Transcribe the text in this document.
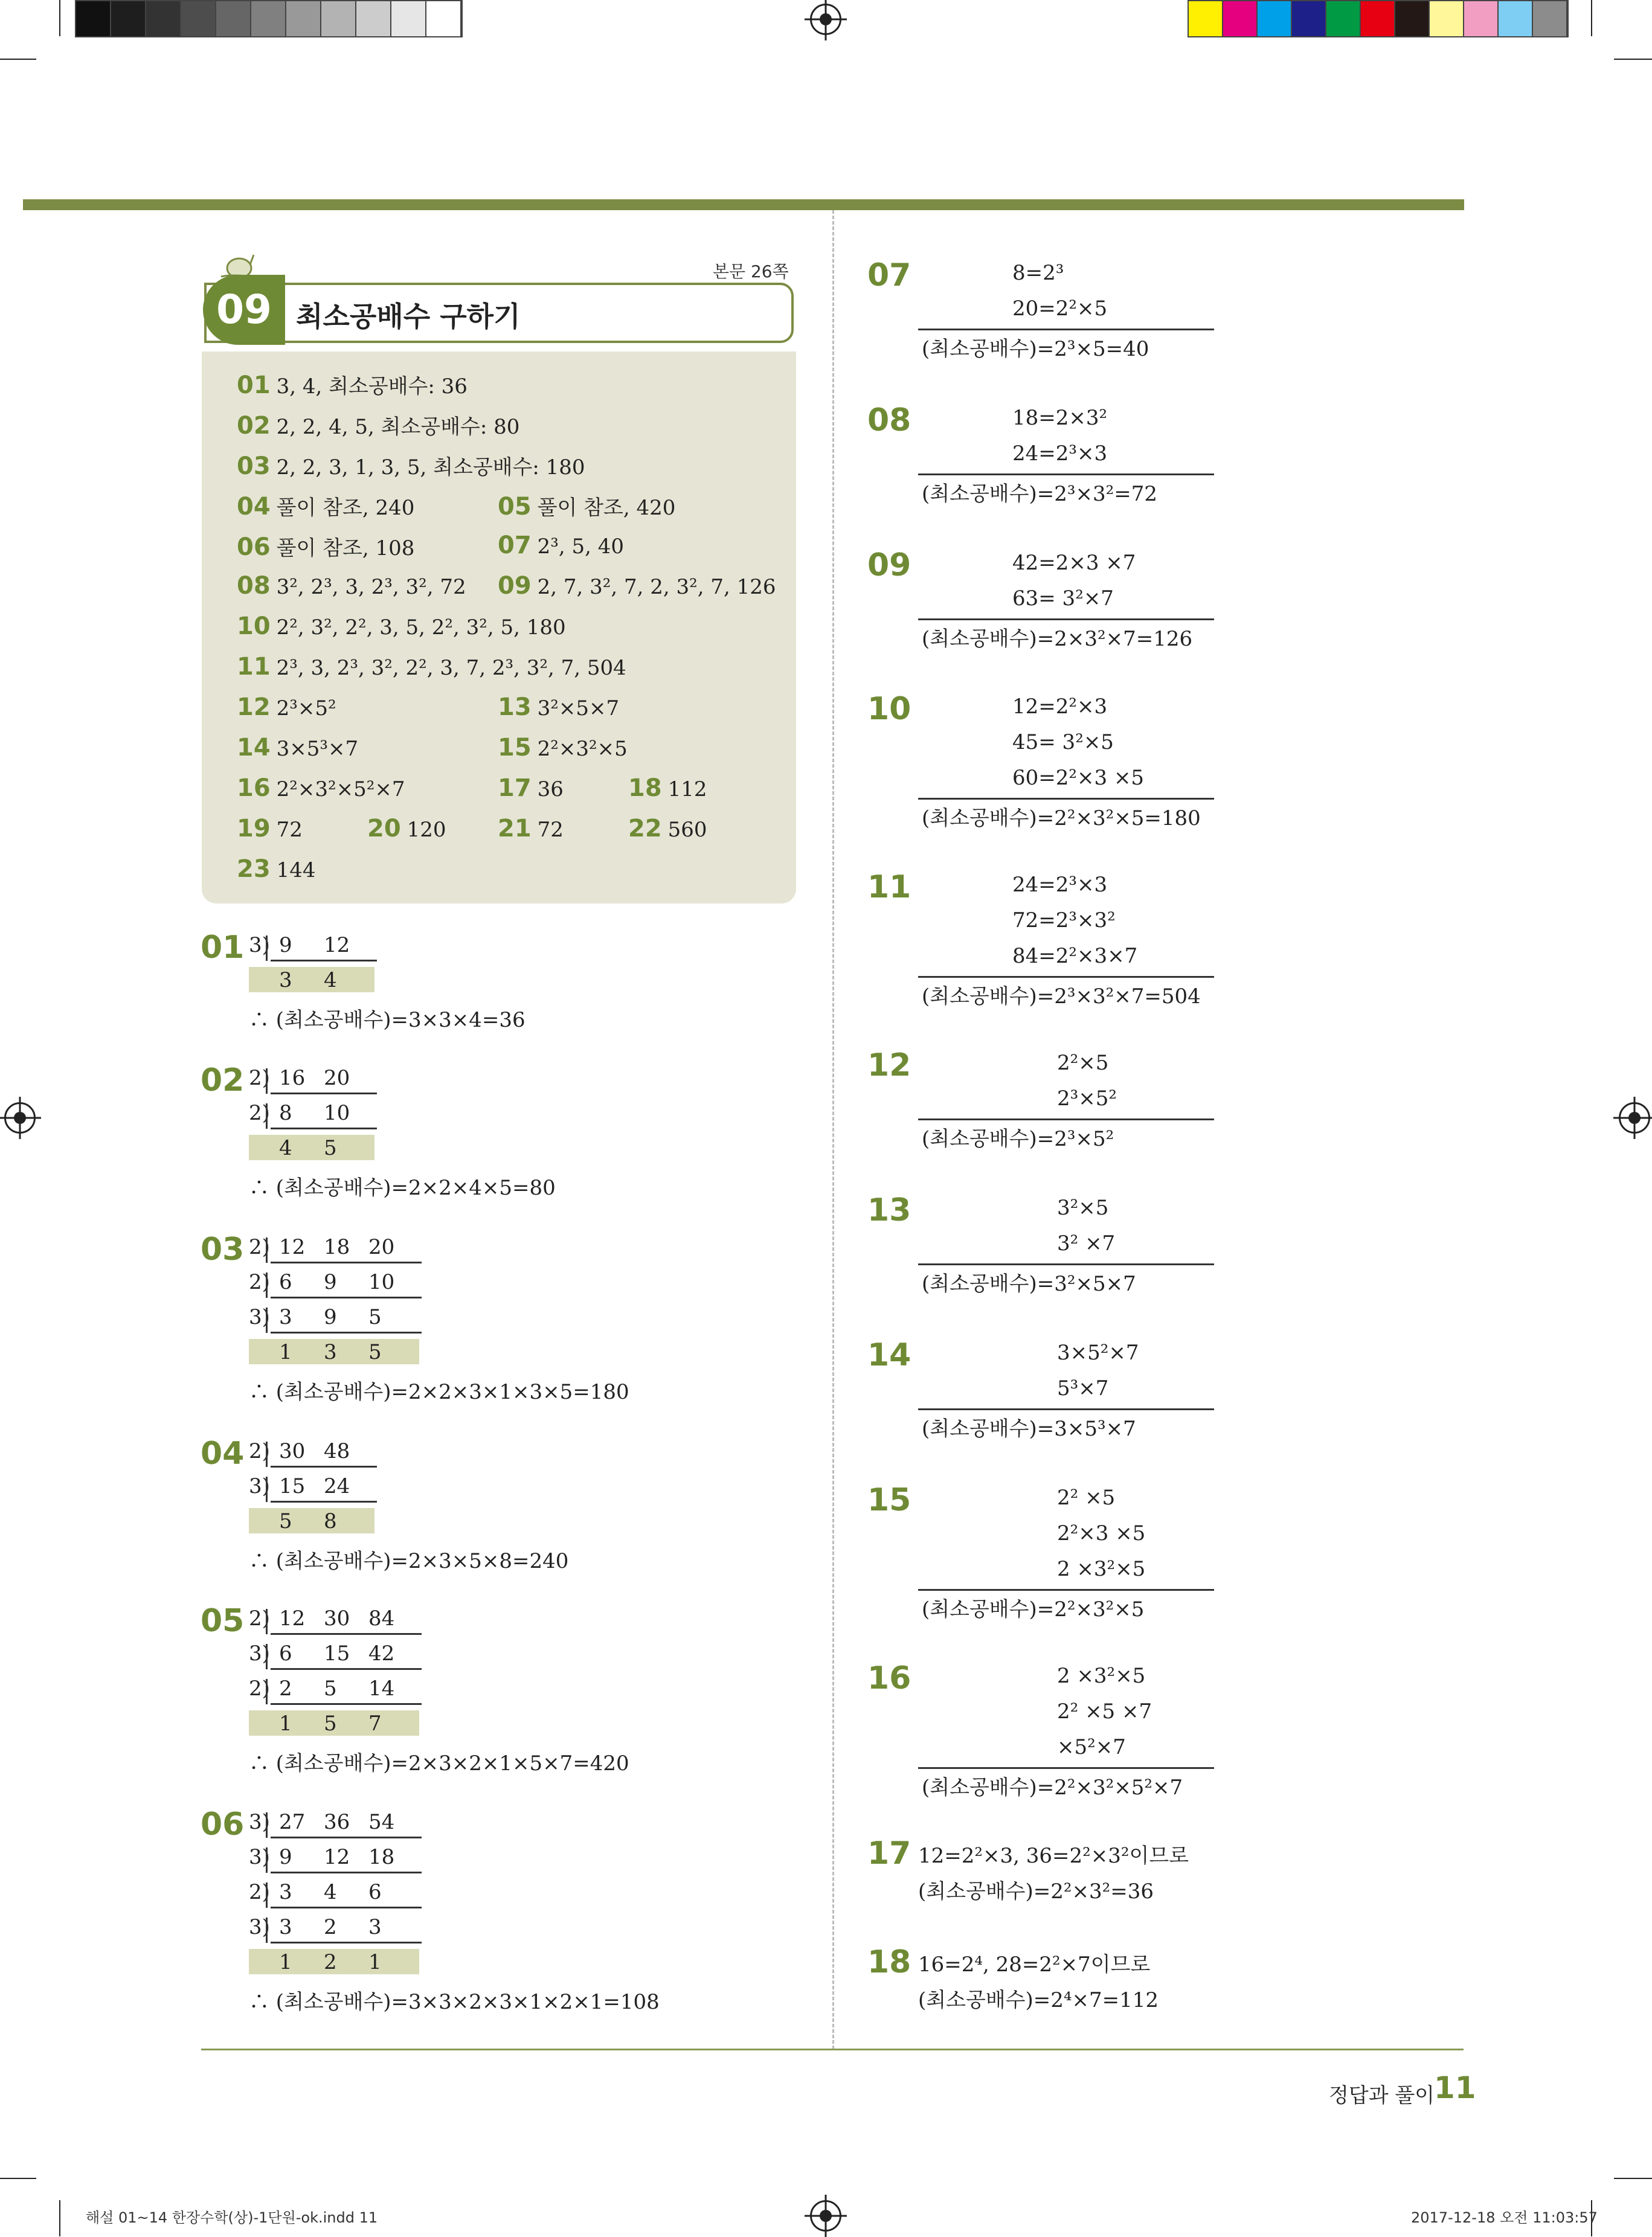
본문 26쪽
09 최소공배수 구하기
01 3, 4, 최소공배수: 36
02 2, 2, 4, 5, 최소공배수: 80
03 2, 2, 3, 1, 3, 5, 최소공배수: 180
04 풀이 참조, 240	05 풀이 참조, 420
06 풀이 참조, 108	07 2³, 5, 40
08 3², 2³, 3, 2³, 3², 72 09 2, 7, 3², 7, 2, 3², 7, 126
10 2², 3², 2², 3, 5, 2², 3², 5, 180
11 2³, 3, 2³, 3², 2², 3, 7, 2³, 3², 7, 504
12 2³×5²	13 3²×5×7
14 3×5³×7	15 2²×3²×5
16 2²×3²×5²×7	17 36	18 112
19 72	20 120 21 72	22 560
23 144
01 3) 9 12
3 4
∴ (최소공배수)=3×3×4=36
02 2) 16 20
2) 8 10
4 5
∴ (최소공배수)=2×2×4×5=80
03 2) 12 18 20
2) 6 9 10
3) 3 9 5
1 3 5
∴ (최소공배수)=2×2×3×1×3×5=180
04 2) 30 48
3) 15 24
5 8
∴ (최소공배수)=2×3×5×8=240
05 2) 12 30 84
3) 6 15 42
2) 2 5 14
1 5 7
∴ (최소공배수)=2×3×2×1×5×7=420
06 3) 27 36 54
3) 9 12 18
2) 3 4 6
3) 3 2 3
1 2 1
∴ (최소공배수)=3×3×2×3×1×2×1=108
07	8=2³
20=2²×5
(최소공배수)=2³×5=40
08	18=2×3²
24=2³×3
(최소공배수)=2³×3²=72
09	42=2×3 ×7
63= 3²×7
(최소공배수)=2×3²×7=126
10	12=2²×3
45= 3²×5
60=2²×3 ×5
(최소공배수)=2²×3²×5=180
11	24=2³×3
72=2³×3²
84=2²×3×7
(최소공배수)=2³×3²×7=504
12	2²×5
2³×5²
(최소공배수)=2³×5²
13	3²×5
3² ×7
(최소공배수)=3²×5×7
14	3×5²×7
5³×7
(최소공배수)=3×5³×7
15	2² ×5
2²×3 ×5
2 ×3²×5
(최소공배수)=2²×3²×5
16	2 ×3²×5
2² ×5 ×7
×5²×7
(최소공배수)=2²×3²×5²×7
17 12=2²×3, 36=2²×3²이므로
(최소공배수)=2²×3²=36
18 16=2⁴, 28=2²×7이므로
(최소공배수)=2⁴×7=112
정답과 풀이
11
해설 01~14 한장수학(상)-1단원-ok.indd 11	2017-12-18 오전 11:03:57
